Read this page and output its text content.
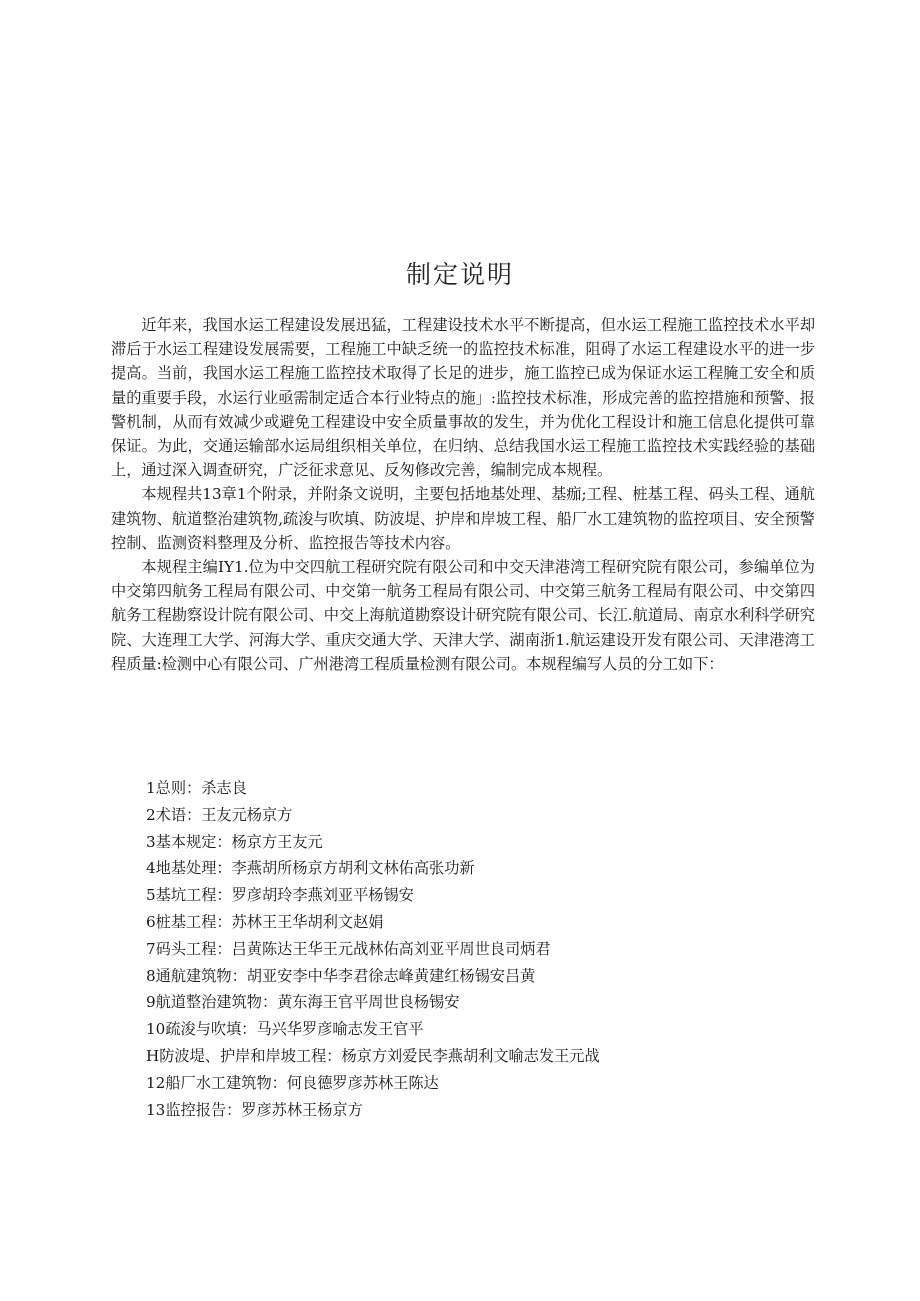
制定说明

近年来，我国水运工程建设发展迅猛，工程建设技术水平不断提高，但水运工程施工监控技术水平却滞后于水运工程建设发展需要，工程施工中缺乏统一的监控技术标准，阻碍了水运工程建设水平的进一步提高。当前，我国水运工程施工监控技术取得了长足的进步，施工监控已成为保证水运工程腌工安全和质量的重要手段，水运行业亟需制定适合本行业特点的施」:监控技术标准，形成完善的监控措施和预警、报警机制，从而有效减少或避免工程建设中安全质量事故的发生，并为优化工程设计和施工信息化提供可靠保证。为此，交通运输部水运局组织相关单位，在归纳、总结我国水运工程施工监控技术实践经验的基础上，通过深入调查研究，广泛征求意见、反匆修改完善，编制完成本规程。

本规程共13章1个附录，并附条文说明，主要包括地基处理、基痂;工程、桩基工程、码头工程、通航建筑物、航道整治建筑物,疏浚与吹填、防波堤、护岸和岸坡工程、船厂水工建筑物的监控项目、安全预警控制、监测资料整理及分析、监控报告等技术内容。

本规程主编IY1.位为中交四航工程研究院有限公司和中交天津港湾工程研究院有限公司，参编单位为中交第四航务工程局有限公司、中交第一航务工程局有限公司、中交第三航务工程局有限公司、中交第四航务工程勘察设计院有限公司、中交上海航道勘察设计研究院有限公司、长江.航道局、南京水利科学研究院、大连理工大学、河海大学、重庆交通大学、天津大学、湖南浙1.航运建设开发有限公司、天津港湾工程质量:检测中心有限公司、广州港湾工程质量检测有限公司。本规程编写人员的分工如下：

1总则：杀志良
2术语：王友元杨京方
3基本规定：杨京方王友元
4地基处理：李燕胡所杨京方胡利文林佑高张功新
5基坑工程：罗彦胡玲李燕刘亚平杨锡安
6桩基工程：苏林王王华胡利文赵娟
7码头工程：吕黄陈达王华王元战林佑高刘亚平周世良司炳君
8通航建筑物：胡亚安李中华李君徐志峰黄建红杨锡安吕黄
9航道整治建筑物：黄东海王官平周世良杨锡安
10疏浚与吹填：马兴华罗彦喻志发王官平
H防波堤、护岸和岸坡工程：杨京方刘爱民李燕胡利文喻志发王元战
12船厂水工建筑物：何良德罗彦苏林王陈达
13监控报告：罗彦苏林王杨京方
